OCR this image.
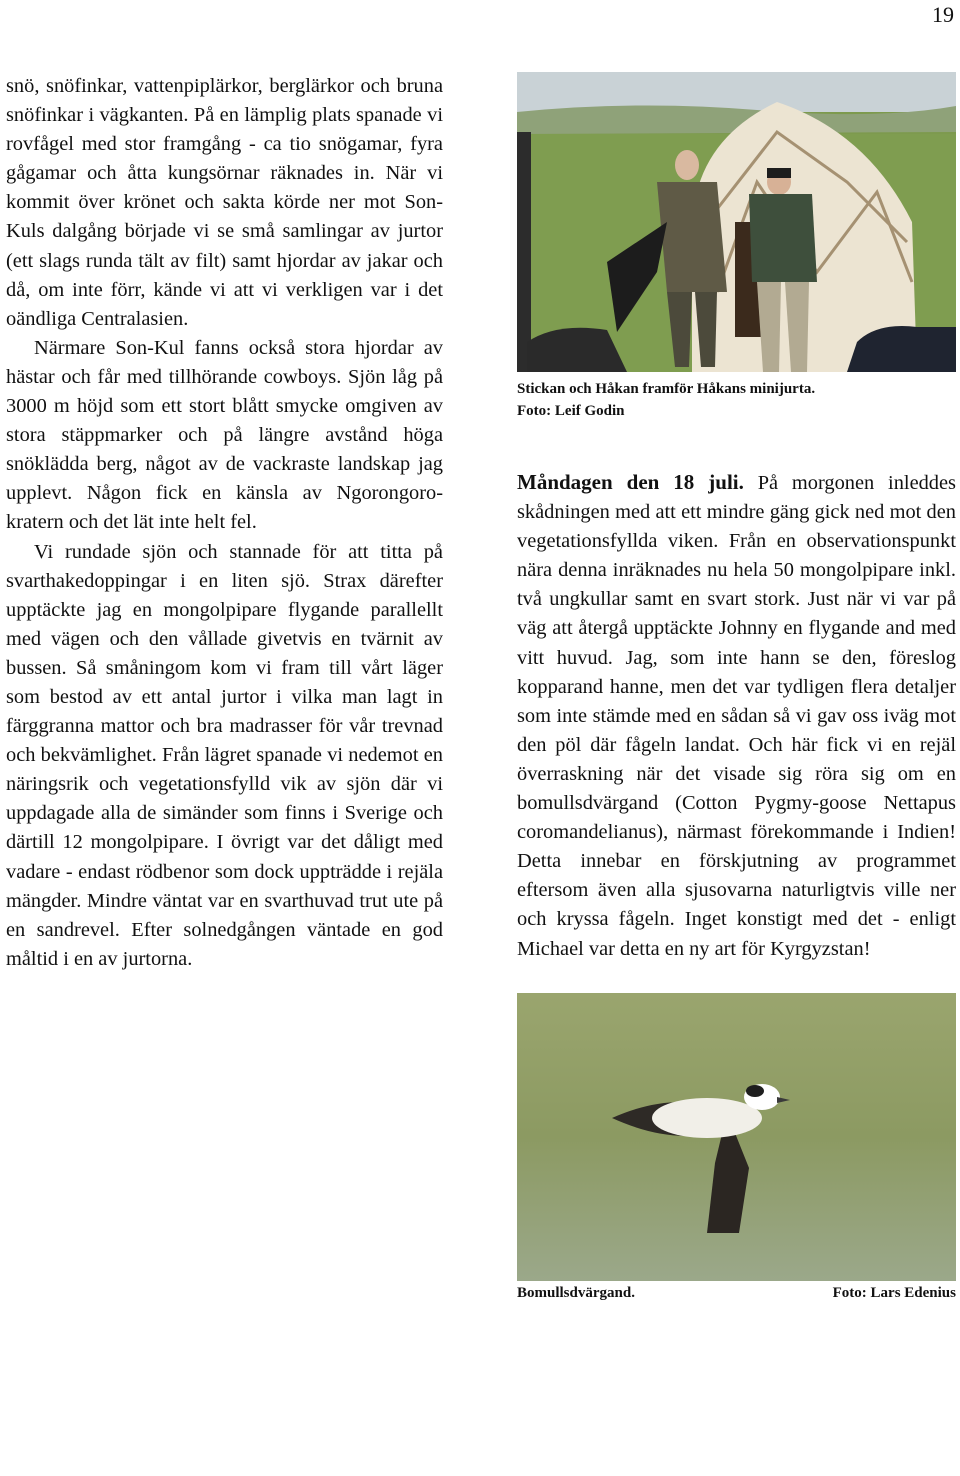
19

snö, snöfinkar, vattenpiplärkor, berglärkor och bruna snöfinkar i vägkanten. På en lämplig plats spanade vi rovfågel med stor framgång - ca tio snögamar, fyra gågamar och åtta kungsörnar räknades in. När vi kommit över krönet och sakta körde ner mot Son-Kuls dalgång började vi se små samlingar av jurtor (ett slags runda tält av filt) samt hjordar av jakar och då, om inte förr, kände vi att vi verkligen var i det oändliga Centralasien.

Närmare Son-Kul fanns också stora hjordar av hästar och får med tillhörande cowboys. Sjön låg på 3000 m höjd som ett stort blått smycke omgiven av stora stäppmarker och på längre avstånd höga snöklädda berg, något av de vackraste landskap jag upplevt. Någon fick en känsla av Ngorongoro-kratern och det lät inte helt fel.

Vi rundade sjön och stannade för att titta på svarthakedoppingar i en liten sjö. Strax därefter upptäckte jag en mongolpipare flygande parallellt med vägen och den vållade givetvis en tvärnit av bussen. Så småningom kom vi fram till vårt läger som bestod av ett antal jurtor i vilka man lagt in färggranna mattor och bra madrasser för vår trevnad och bekvämlighet. Från lägret spanade vi nedemot en näringsrik och vegetationsfylld vik av sjön där vi uppdagade alla de simänder som finns i Sverige och därtill 12 mongolpipare. I övrigt var det dåligt med vadare - endast rödbenor som dock uppträdde i rejäla mängder. Mindre väntat var en svarthuvad trut ute på en sandrevel. Efter solnedgången väntade en god måltid i en av jurtorna.

Stickan och Håkan framför Håkans minijurta.

Foto: Leif Godin

Måndagen den 18 juli. På morgonen inleddes skådningen med att ett mindre gäng gick ned mot den vegetationsfyllda viken. Från en observationspunkt nära denna inräknades nu hela 50 mongolpipare inkl. två ungkullar samt en svart stork. Just när vi var på väg att återgå upptäckte Johnny en flygande and med vitt huvud. Jag, som inte hann se den, föreslog kopparand hanne, men det var tydligen flera detaljer som inte stämde med en sådan så vi gav oss iväg mot den pöl där fågeln landat. Och här fick vi en rejäl överraskning när det visade sig röra sig om en bomullsdvärgand (Cotton Pygmy-goose Nettapus coromandelianus), närmast förekommande i Indien! Detta innebar en förskjutning av programmet eftersom även alla sjusovarna naturligtvis ville ner och kryssa fågeln. Inget konstigt med det - enligt Michael var detta en ny art för Kyrgyzstan!

Bomullsdvärgand.	Foto: Lars Edenius
